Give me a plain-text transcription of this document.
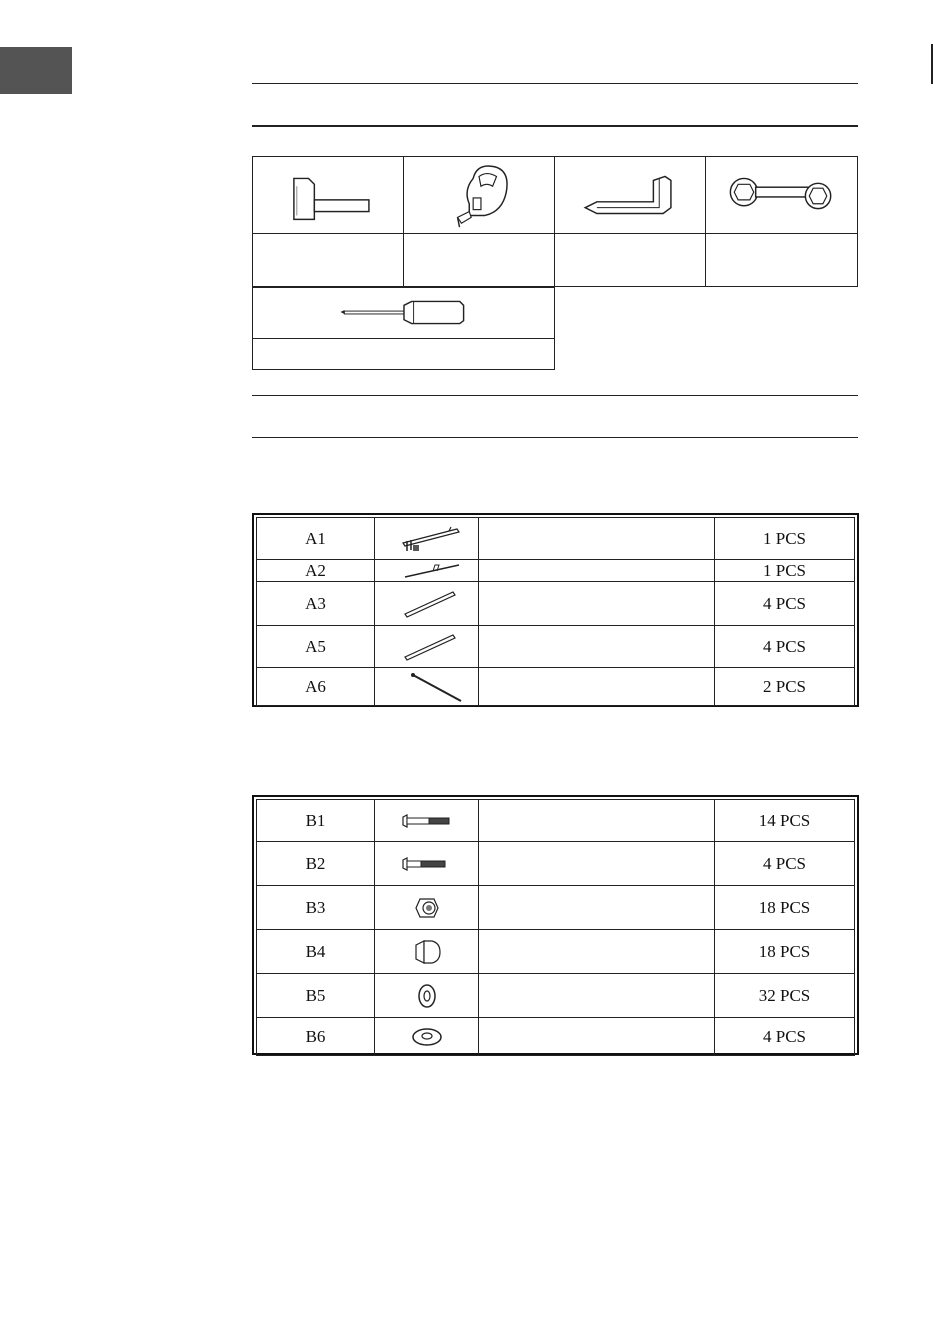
A1			1 PCS
A2			1 PCS
A3			4 PCS
A5			4 PCS
A6			2 PCS
B1			14 PCS
B2			4 PCS
B3			18 PCS
B4			18 PCS
B5			32 PCS
B6			4 PCS
